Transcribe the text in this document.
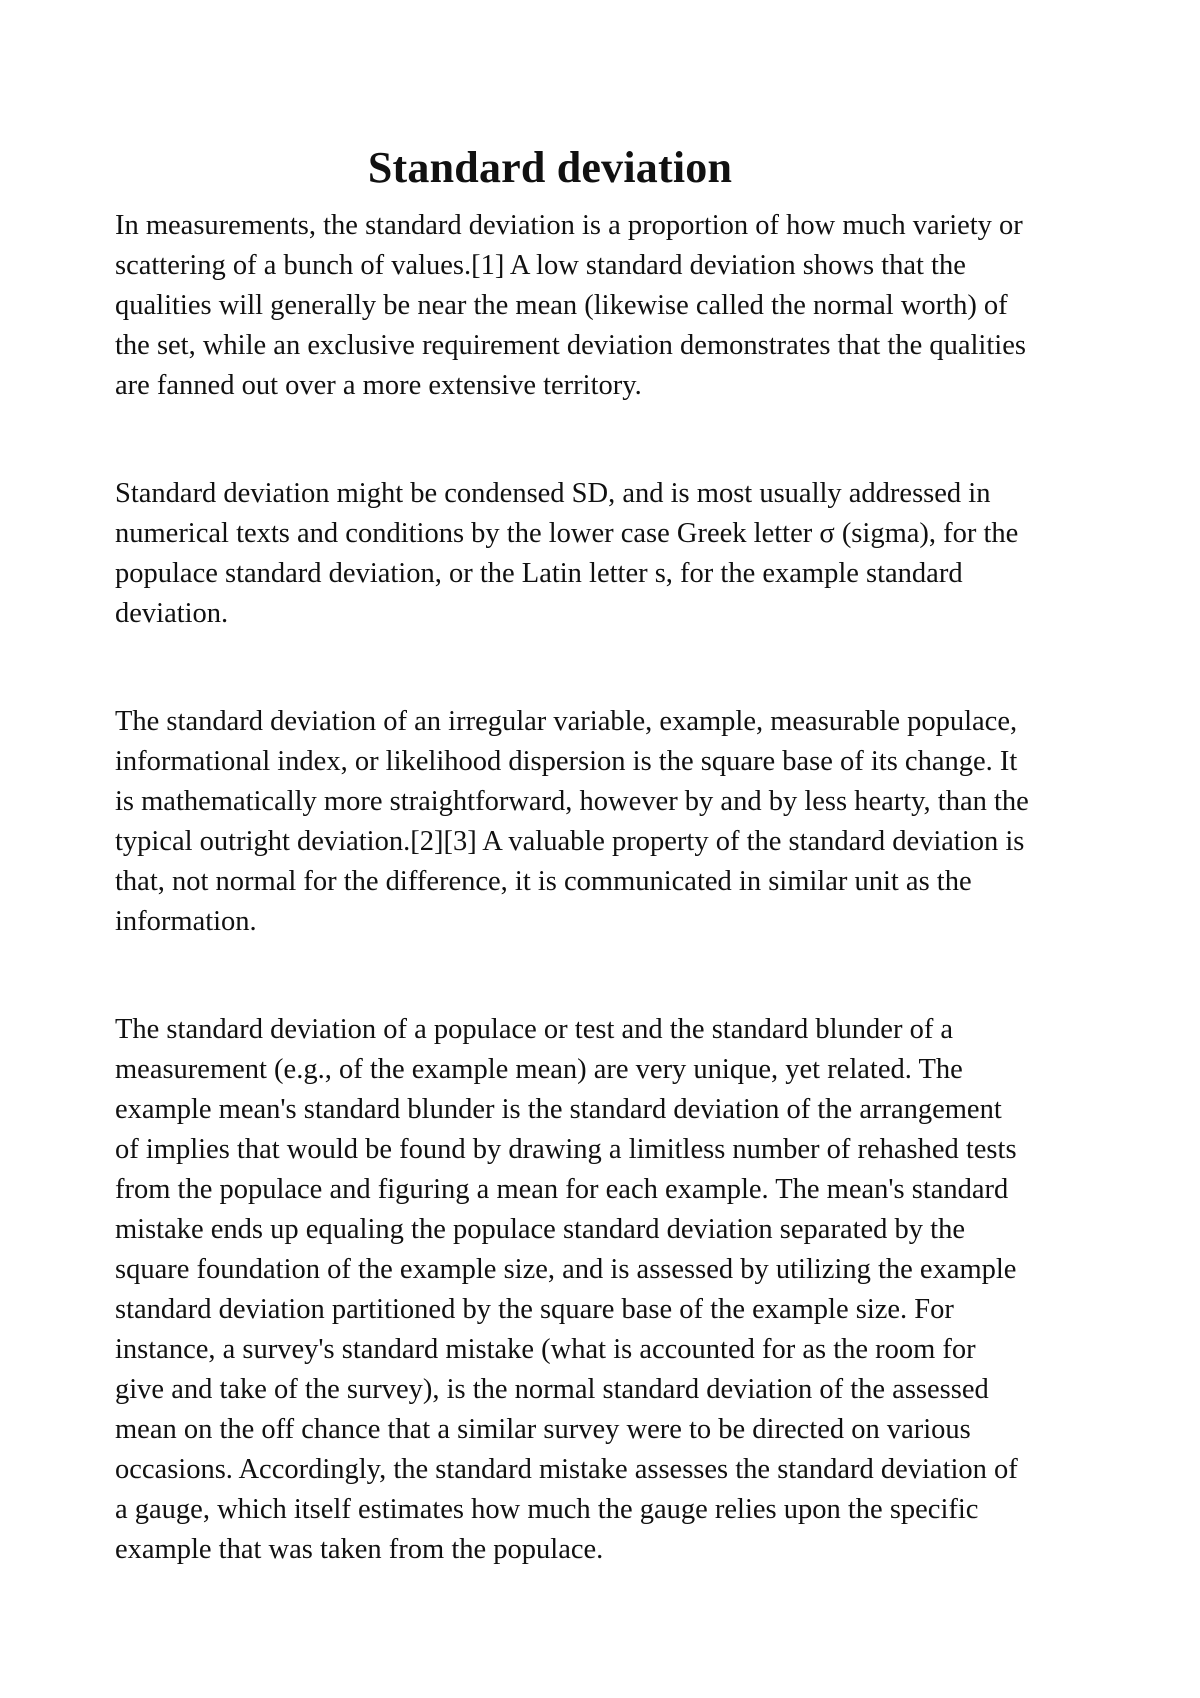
Standard deviation

In measurements, the standard deviation is a proportion of how much variety or
scattering of a bunch of values.[1] A low standard deviation shows that the
qualities will generally be near the mean (likewise called the normal worth) of
the set, while an exclusive requirement deviation demonstrates that the qualities
are fanned out over a more extensive territory.

Standard deviation might be condensed SD, and is most usually addressed in
numerical texts and conditions by the lower case Greek letter σ (sigma), for the
populace standard deviation, or the Latin letter s, for the example standard
deviation.

The standard deviation of an irregular variable, example, measurable populace,
informational index, or likelihood dispersion is the square base of its change. It
is mathematically more straightforward, however by and by less hearty, than the
typical outright deviation.[2][3] A valuable property of the standard deviation is
that, not normal for the difference, it is communicated in similar unit as the
information.

The standard deviation of a populace or test and the standard blunder of a
measurement (e.g., of the example mean) are very unique, yet related. The
example mean's standard blunder is the standard deviation of the arrangement
of implies that would be found by drawing a limitless number of rehashed tests
from the populace and figuring a mean for each example. The mean's standard
mistake ends up equaling the populace standard deviation separated by the
square foundation of the example size, and is assessed by utilizing the example
standard deviation partitioned by the square base of the example size. For
instance, a survey's standard mistake (what is accounted for as the room for
give and take of the survey), is the normal standard deviation of the assessed
mean on the off chance that a similar survey were to be directed on various
occasions. Accordingly, the standard mistake assesses the standard deviation of
a gauge, which itself estimates how much the gauge relies upon the specific
example that was taken from the populace.
